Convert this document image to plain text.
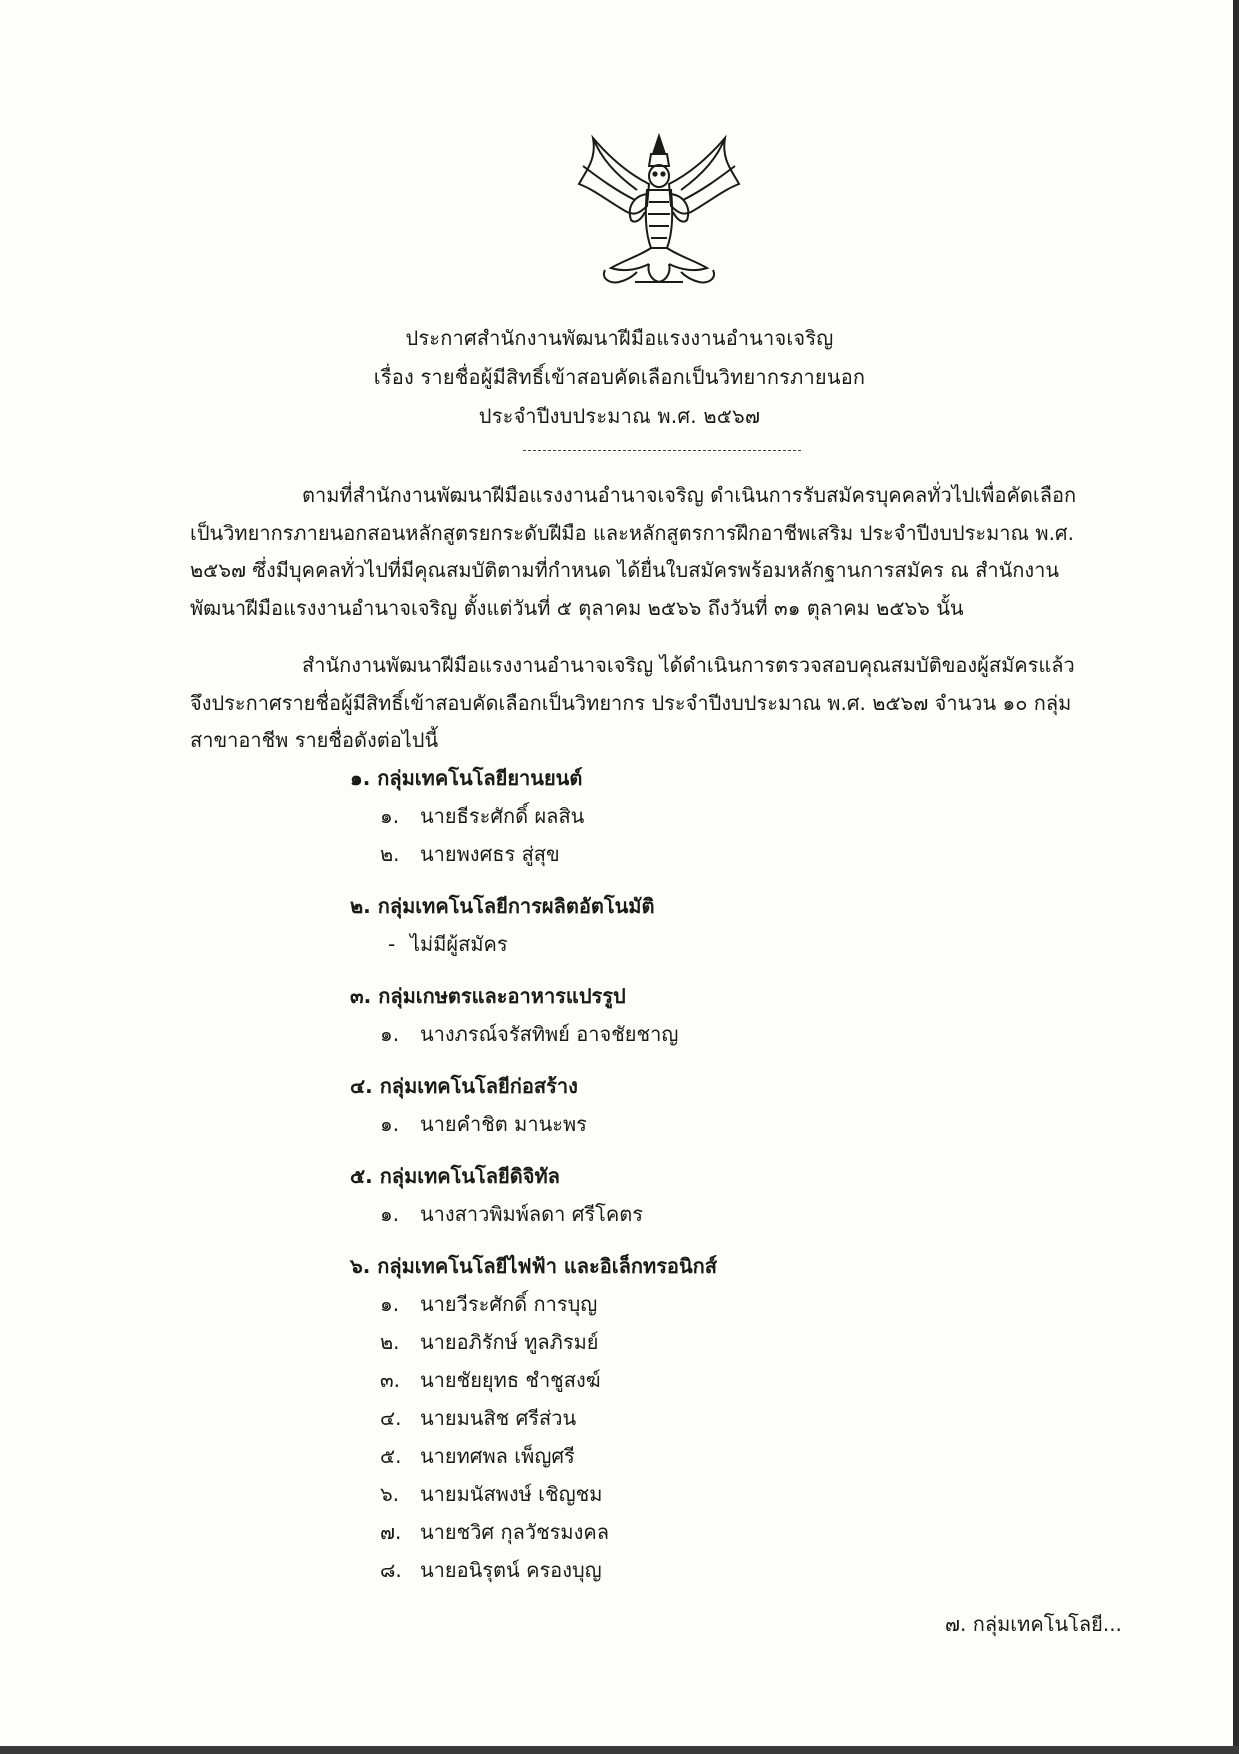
ประกาศสำนักงานพัฒนาฝีมือแรงงานอำนาจเจริญ
เรื่อง รายชื่อผู้มีสิทธิ์เข้าสอบคัดเลือกเป็นวิทยากรภายนอก
ประจำปีงบประมาณ พ.ศ. ๒๕๖๗
ตามที่สำนักงานพัฒนาฝีมือแรงงานอำนาจเจริญ ดำเนินการรับสมัครบุคคลทั่วไปเพื่อคัดเลือก
เป็นวิทยากรภายนอกสอนหลักสูตรยกระดับฝีมือ และหลักสูตรการฝึกอาชีพเสริม ประจำปีงบประมาณ พ.ศ.
๒๕๖๗ ซึ่งมีบุคคลทั่วไปที่มีคุณสมบัติตามที่กำหนด ได้ยื่นใบสมัครพร้อมหลักฐานการสมัคร ณ สำนักงาน
พัฒนาฝีมือแรงงานอำนาจเจริญ ตั้งแต่วันที่ ๕ ตุลาคม ๒๕๖๖ ถึงวันที่ ๓๑ ตุลาคม ๒๕๖๖ นั้น
สำนักงานพัฒนาฝีมือแรงงานอำนาจเจริญ ได้ดำเนินการตรวจสอบคุณสมบัติของผู้สมัครแล้ว
จึงประกาศรายชื่อผู้มีสิทธิ์เข้าสอบคัดเลือกเป็นวิทยากร ประจำปีงบประมาณ พ.ศ. ๒๕๖๗ จำนวน ๑๐ กลุ่ม
สาขาอาชีพ รายชื่อดังต่อไปนี้
๑. กลุ่มเทคโนโลยียานยนต์
๑. นายธีระศักดิ์ ผลสิน
๒. นายพงศธร สู่สุข
๒. กลุ่มเทคโนโลยีการผลิตอัตโนมัติ
- ไม่มีผู้สมัคร
๓. กลุ่มเกษตรและอาหารแปรรูป
๑. นางภรณ์จรัสทิพย์ อาจชัยชาญ
๔. กลุ่มเทคโนโลยีก่อสร้าง
๑. นายคำชิต มานะพร
๕. กลุ่มเทคโนโลยีดิจิทัล
๑. นางสาวพิมพ์ลดา ศรีโคตร
๖. กลุ่มเทคโนโลยีไฟฟ้า และอิเล็กทรอนิกส์
๑. นายวีระศักดิ์ การบุญ
๒. นายอภิรักษ์ ทูลภิรมย์
๓. นายชัยยุทธ ชำชูสงฆ์
๔. นายมนสิช ศรีส่วน
๕. นายทศพล เพ็ญศรี
๖. นายมนัสพงษ์ เชิญชม
๗. นายชวิศ กุลวัชรมงคล
๘. นายอนิรุตน์ ครองบุญ
๗. กลุ่มเทคโนโลยี...
